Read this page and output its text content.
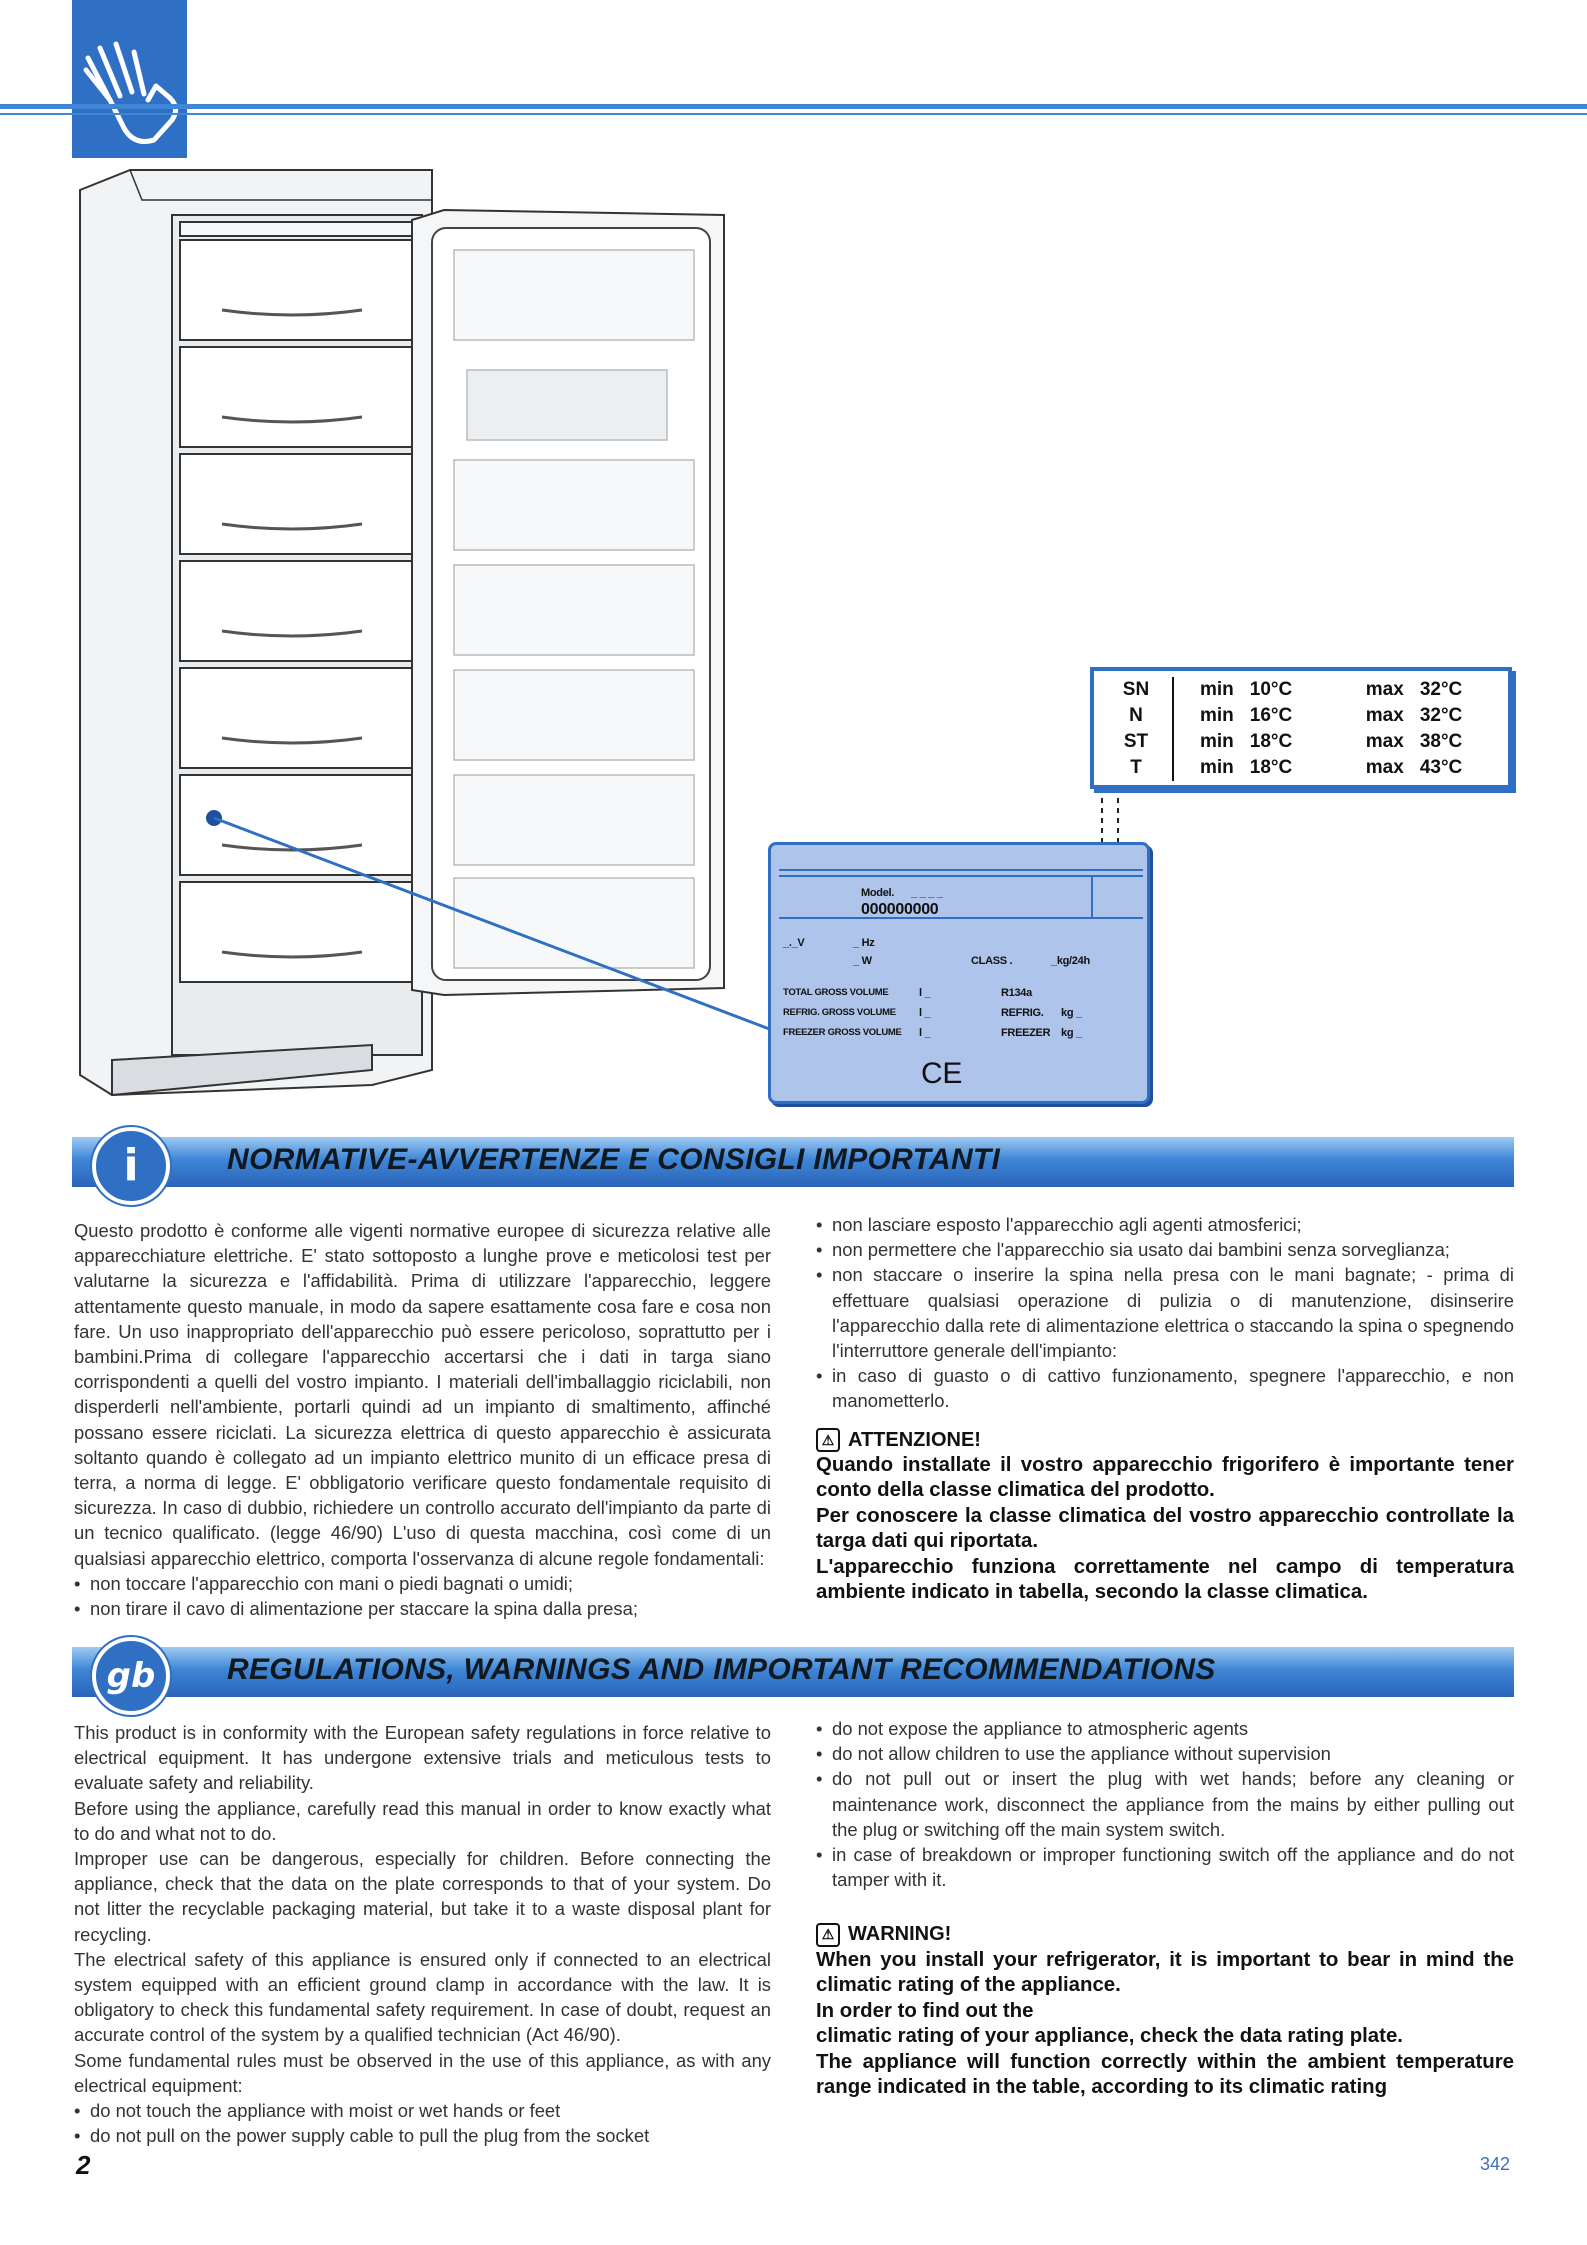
SN	min	10°C	max	32°C
N	min	16°C	max	32°C
ST	min	18°C	max	38°C
T	min	18°C	max	43°C
Model. _ _ _ _
000000000
_._V	_ Hz
_ W	CLASS .	_kg/24h
TOTAL GROSS VOLUME	l _	R134a
REFRIG. GROSS VOLUME l _	REFRIG. kg _
FREEZER GROSS VOLUME l _	FREEZER kg _
CE
i	NORMATIVE-AVVERTENZE E CONSIGLI IMPORTANTI

Questo prodotto è conforme alle vigenti normative europee di sicurezza relative alle apparecchiature elettriche. E' stato sottoposto a lunghe prove e meticolosi test per valutarne la sicurezza e l'affidabilità. Prima di utilizzare l'apparecchio, leggere attentamente questo manuale, in modo da sapere esattamente cosa fare e cosa non fare. Un uso inappropriato dell'apparecchio può essere pericoloso, soprattutto per i bambini.Prima di collegare l'apparecchio accertarsi che i dati in targa siano corrispondenti a quelli del vostro impianto. I materiali dell'imballaggio riciclabili, non disperderli nell'ambiente, portarli quindi ad un impianto di smaltimento, affinché possano essere riciclati. La sicurezza elettrica di questo apparecchio è assicurata soltanto quando è collegato ad un impianto elettrico munito di un efficace presa di terra, a norma di legge. E' obbligatorio verificare questo fondamentale requisito di sicurezza. In caso di dubbio, richiedere un controllo accurato dell'impianto da parte di un tecnico qualificato. (legge 46/90) L'uso di questa macchina, così come di un qualsiasi apparecchio elettrico, comporta l'osservanza di alcune regole fondamentali:

• non toccare l'apparecchio con mani o piedi bagnati o umidi;

• non tirare il cavo di alimentazione per staccare la spina dalla presa;

• non lasciare esposto l'apparecchio agli agenti atmosferici;

• non permettere che l'apparecchio sia usato dai bambini senza sorveglianza;

• non staccare o inserire la spina nella presa con le mani bagnate; - prima di effettuare qualsiasi operazione di pulizia o di manutenzione, disinserire l'apparecchio dalla rete di alimentazione elettrica o staccando la spina o spegnendo l'interruttore generale dell'impianto:

• in caso di guasto o di cattivo funzionamento, spegnere l'apparecchio, e non manometterlo.

⚠ ATTENZIONE!

Quando installate il vostro apparecchio frigorifero è importante tener conto della classe climatica del prodotto.

Per conoscere la classe climatica del vostro apparecchio controllate la targa dati qui riportata.

L'apparecchio funziona correttamente nel campo di temperatura ambiente indicato in tabella, secondo la classe climatica.

gb	REGULATIONS, WARNINGS AND IMPORTANT RECOMMENDATIONS

This product is in conformity with the European safety regulations in force relative to electrical equipment. It has undergone extensive trials and meticulous tests to evaluate safety and reliability.

Before using the appliance, carefully read this manual in order to know exactly what to do and what not to do.

Improper use can be dangerous, especially for children. Before connecting the appliance, check that the data on the plate corresponds to that of your system. Do not litter the recyclable packaging material, but take it to a waste disposal plant for recycling.

The electrical safety of this appliance is ensured only if connected to an electrical system equipped with an efficient ground clamp in accordance with the law. It is obligatory to check this fundamental safety requirement. In case of doubt, request an accurate control of the system by a qualified technician (Act 46/90).

Some fundamental rules must be observed in the use of this appliance, as with any electrical equipment:

• do not touch the appliance with moist or wet hands or feet

• do not pull on the power supply cable to pull the plug from the socket

• do not expose the appliance to atmospheric agents

• do not allow children to use the appliance without supervision

• do not pull out or insert the plug with wet hands; before any cleaning or maintenance work, disconnect the appliance from the mains by either pulling out the plug or switching off the main system switch.

• in case of breakdown or improper functioning switch off the appliance and do not tamper with it.

⚠ WARNING!

When you install your refrigerator, it is important to bear in mind the climatic rating of the appliance.

In order to find out the

climatic rating of your appliance, check the data rating plate.

The appliance will function correctly within the ambient temperature range indicated in the table, according to its climatic rating

2	342
